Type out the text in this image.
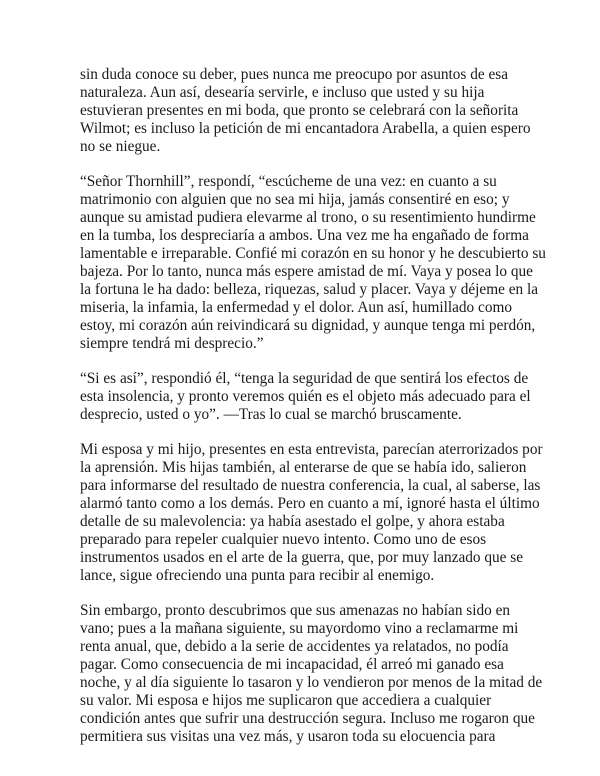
sin duda conoce su deber, pues nunca me preocupo por asuntos de esa
naturaleza. Aun así, desearía servirle, e incluso que usted y su hija
estuvieran presentes en mi boda, que pronto se celebrará con la señorita
Wilmot; es incluso la petición de mi encantadora Arabella, a quien espero
no se niegue.
“Señor Thornhill”, respondí, “escúcheme de una vez: en cuanto a su
matrimonio con alguien que no sea mi hija, jamás consentiré en eso; y
aunque su amistad pudiera elevarme al trono, o su resentimiento hundirme
en la tumba, los despreciaría a ambos. Una vez me ha engañado de forma
lamentable e irreparable. Confié mi corazón en su honor y he descubierto su
bajeza. Por lo tanto, nunca más espere amistad de mí. Vaya y posea lo que
la fortuna le ha dado: belleza, riquezas, salud y placer. Vaya y déjeme en la
miseria, la infamia, la enfermedad y el dolor. Aun así, humillado como
estoy, mi corazón aún reivindicará su dignidad, y aunque tenga mi perdón,
siempre tendrá mi desprecio.”
“Si es así”, respondió él, “tenga la seguridad de que sentirá los efectos de
esta insolencia, y pronto veremos quién es el objeto más adecuado para el
desprecio, usted o yo”. —Tras lo cual se marchó bruscamente.
Mi esposa y mi hijo, presentes en esta entrevista, parecían aterrorizados por
la aprensión. Mis hijas también, al enterarse de que se había ido, salieron
para informarse del resultado de nuestra conferencia, la cual, al saberse, las
alarmó tanto como a los demás. Pero en cuanto a mí, ignoré hasta el último
detalle de su malevolencia: ya había asestado el golpe, y ahora estaba
preparado para repeler cualquier nuevo intento. Como uno de esos
instrumentos usados en el arte de la guerra, que, por muy lanzado que se
lance, sigue ofreciendo una punta para recibir al enemigo.
Sin embargo, pronto descubrimos que sus amenazas no habían sido en
vano; pues a la mañana siguiente, su mayordomo vino a reclamarme mi
renta anual, que, debido a la serie de accidentes ya relatados, no podía
pagar. Como consecuencia de mi incapacidad, él arreó mi ganado esa
noche, y al día siguiente lo tasaron y lo vendieron por menos de la mitad de
su valor. Mi esposa e hijos me suplicaron que accediera a cualquier
condición antes que sufrir una destrucción segura. Incluso me rogaron que
permitiera sus visitas una vez más, y usaron toda su elocuencia para
